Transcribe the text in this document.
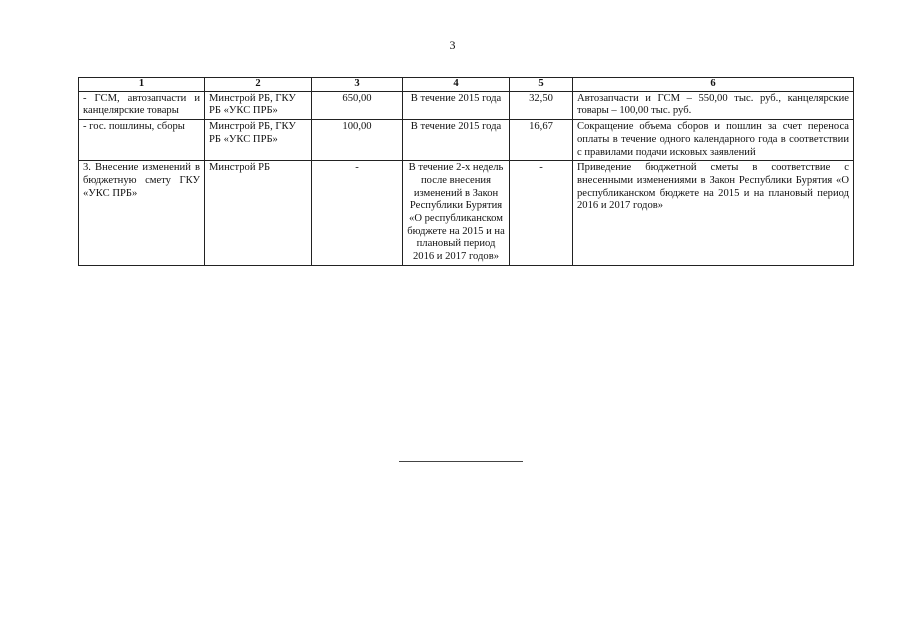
3
1	2	3	4	5	6
- ГСМ, автозапчасти и канцелярские товары	Минстрой РБ, ГКУ РБ «УКС ПРБ»	650,00	В течение 2015 года	32,50	Автозапчасти и ГСМ – 550,00 тыс. руб., канцелярские товары – 100,00 тыс. руб.
- гос. пошлины, сборы	Минстрой РБ, ГКУ РБ «УКС ПРБ»	100,00	В течение 2015 года	16,67	Сокращение объема сборов и пошлин за счет переноса оплаты в течение одного календарного года в соответствии с правилами подачи исковых заявлений
3. Внесение изменений в бюджетную смету ГКУ «УКС ПРБ»	Минстрой РБ	-	В течение 2-х недель после внесения изменений в Закон Республики Бурятия «О республиканском бюджете на 2015 и на плановый период 2016 и 2017 годов»	-	Приведение бюджетной сметы в соответствие с внесенными изменениями в Закон Республики Бурятия «О республиканском бюджете на 2015 и на плановый период 2016 и 2017 годов»
